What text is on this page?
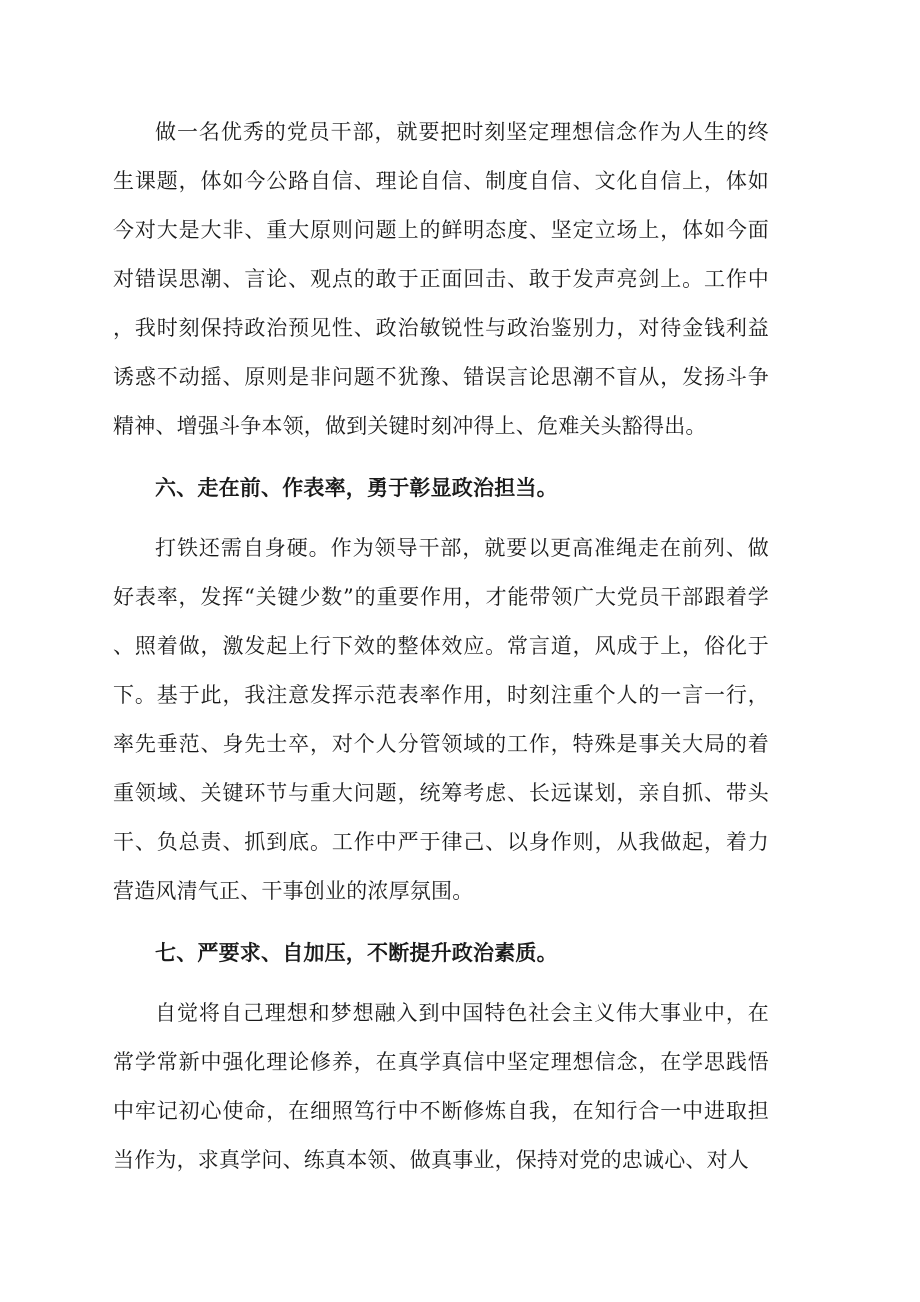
做一名优秀的党员干部，就要把时刻坚定理想信念作为人生的终生课题，体如今公路自信、理论自信、制度自信、文化自信上，体如今对大是大非、重大原则问题上的鲜明态度、坚定立场上，体如今面对错误思潮、言论、观点的敢于正面回击、敢于发声亮剑上。工作中，我时刻保持政治预见性、政治敏锐性与政治鉴别力，对待金钱利益诱惑不动摇、原则是非问题不犹豫、错误言论思潮不盲从，发扬斗争精神、增强斗争本领，做到关键时刻冲得上、危难关头豁得出。

六、走在前、作表率，勇于彰显政治担当。

打铁还需自身硬。作为领导干部，就要以更高准绳走在前列、做好表率，发挥“关键少数”的重要作用，才能带领广大党员干部跟着学、照着做，激发起上行下效的整体效应。常言道，风成于上，俗化于下。基于此，我注意发挥示范表率作用，时刻注重个人的一言一行，率先垂范、身先士卒，对个人分管领域的工作，特殊是事关大局的着重领域、关键环节与重大问题，统筹考虑、长远谋划，亲自抓、带头干、负总责、抓到底。工作中严于律己、以身作则，从我做起，着力营造风清气正、干事创业的浓厚氛围。

七、严要求、自加压，不断提升政治素质。

自觉将自己理想和梦想融入到中国特色社会主义伟大事业中，在常学常新中强化理论修养，在真学真信中坚定理想信念，在学思践悟中牢记初心使命，在细照笃行中不断修炼自我，在知行合一中进取担当作为，求真学问、练真本领、做真事业，保持对党的忠诚心、对人
